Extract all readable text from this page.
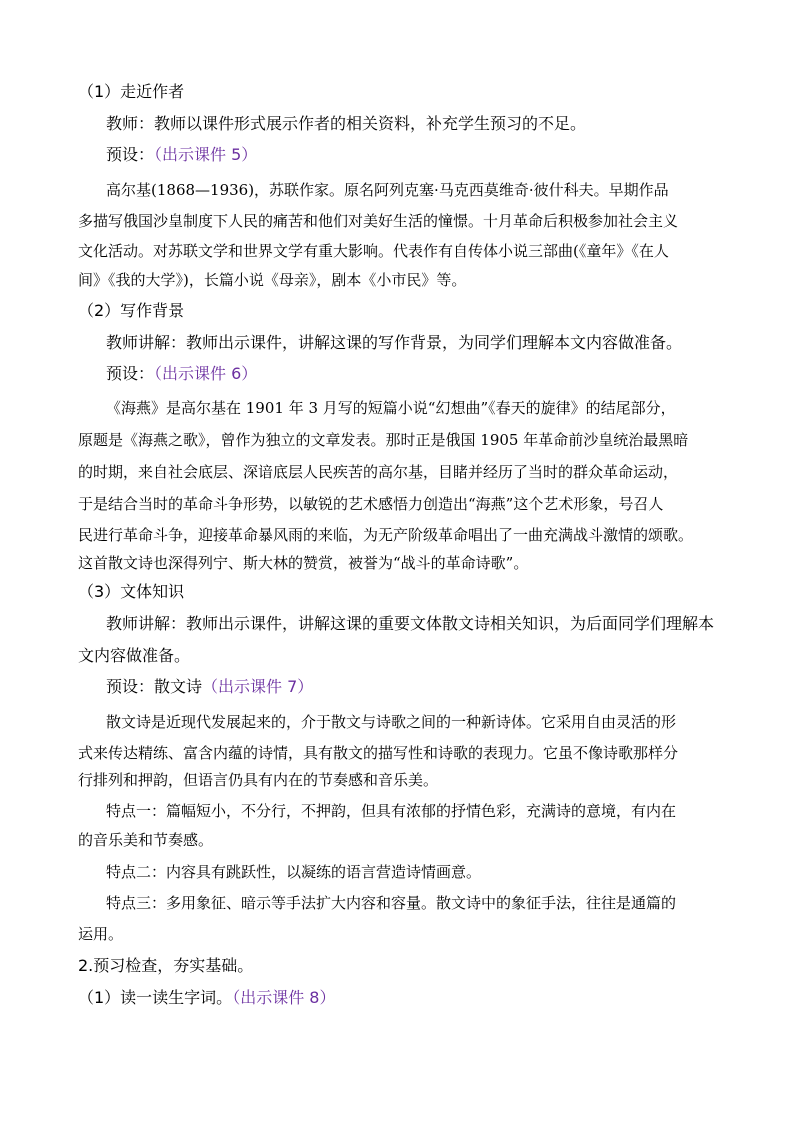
（1）走近作者
教师：教师以课件形式展示作者的相关资料，补充学生预习的不足。
预设：（出示课件 5）
高尔基(1868—1936)，苏联作家。原名阿列克塞·马克西莫维奇·彼什科夫。早期作品
多描写俄国沙皇制度下人民的痛苦和他们对美好生活的憧憬。十月革命后积极参加社会主义
文化活动。对苏联文学和世界文学有重大影响。代表作有自传体小说三部曲(《童年》《在人
间》《我的大学》)，长篇小说《母亲》，剧本《小市民》等。
（2）写作背景
教师讲解：教师出示课件，讲解这课的写作背景，为同学们理解本文内容做准备。
预设：（出示课件 6）
《海燕》是高尔基在 1901 年 3 月写的短篇小说“幻想曲”《春天的旋律》的结尾部分，
原题是《海燕之歌》，曾作为独立的文章发表。那时正是俄国 1905 年革命前沙皇统治最黑暗
的时期，来自社会底层、深谙底层人民疾苦的高尔基，目睹并经历了当时的群众革命运动，
于是结合当时的革命斗争形势，以敏锐的艺术感悟力创造出“海燕”这个艺术形象，号召人
民进行革命斗争，迎接革命暴风雨的来临，为无产阶级革命唱出了一曲充满战斗激情的颂歌。
这首散文诗也深得列宁、斯大林的赞赏，被誉为“战斗的革命诗歌”。
（3）文体知识
教师讲解：教师出示课件，讲解这课的重要文体散文诗相关知识，为后面同学们理解本
文内容做准备。
预设：散文诗（出示课件 7）
散文诗是近现代发展起来的，介于散文与诗歌之间的一种新诗体。它采用自由灵活的形
式来传达精练、富含内蕴的诗情，具有散文的描写性和诗歌的表现力。它虽不像诗歌那样分
行排列和押韵，但语言仍具有内在的节奏感和音乐美。
特点一：篇幅短小，不分行，不押韵，但具有浓郁的抒情色彩，充满诗的意境，有内在
的音乐美和节奏感。
特点二：内容具有跳跃性，以凝练的语言营造诗情画意。
特点三：多用象征、暗示等手法扩大内容和容量。散文诗中的象征手法，往往是通篇的
运用。
2.预习检查，夯实基础。
（1）读一读生字词。（出示课件 8）
